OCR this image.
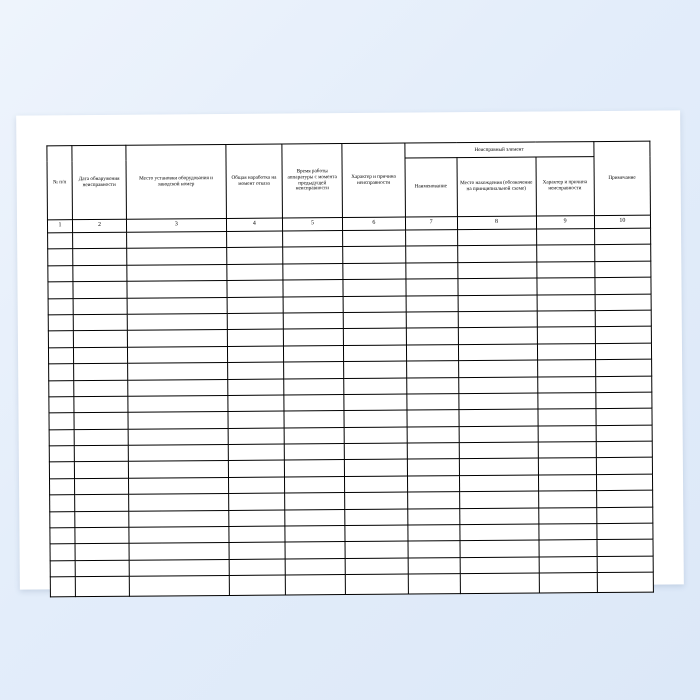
№ п/п	Дата обнаружения неисправности	Место установки оборудования и заводской номер	Общая наработка на момент отказа	Время работы аппаратуры с момента предыдущей неисправности	Характер и причина неисправности	Неисправный элемент			Примечание
						Наименование	Место нахождения (обозначение на принципиальной схеме)	Характер и причина неисправности	
1	2	3	4	5	6	7	8	9	10
